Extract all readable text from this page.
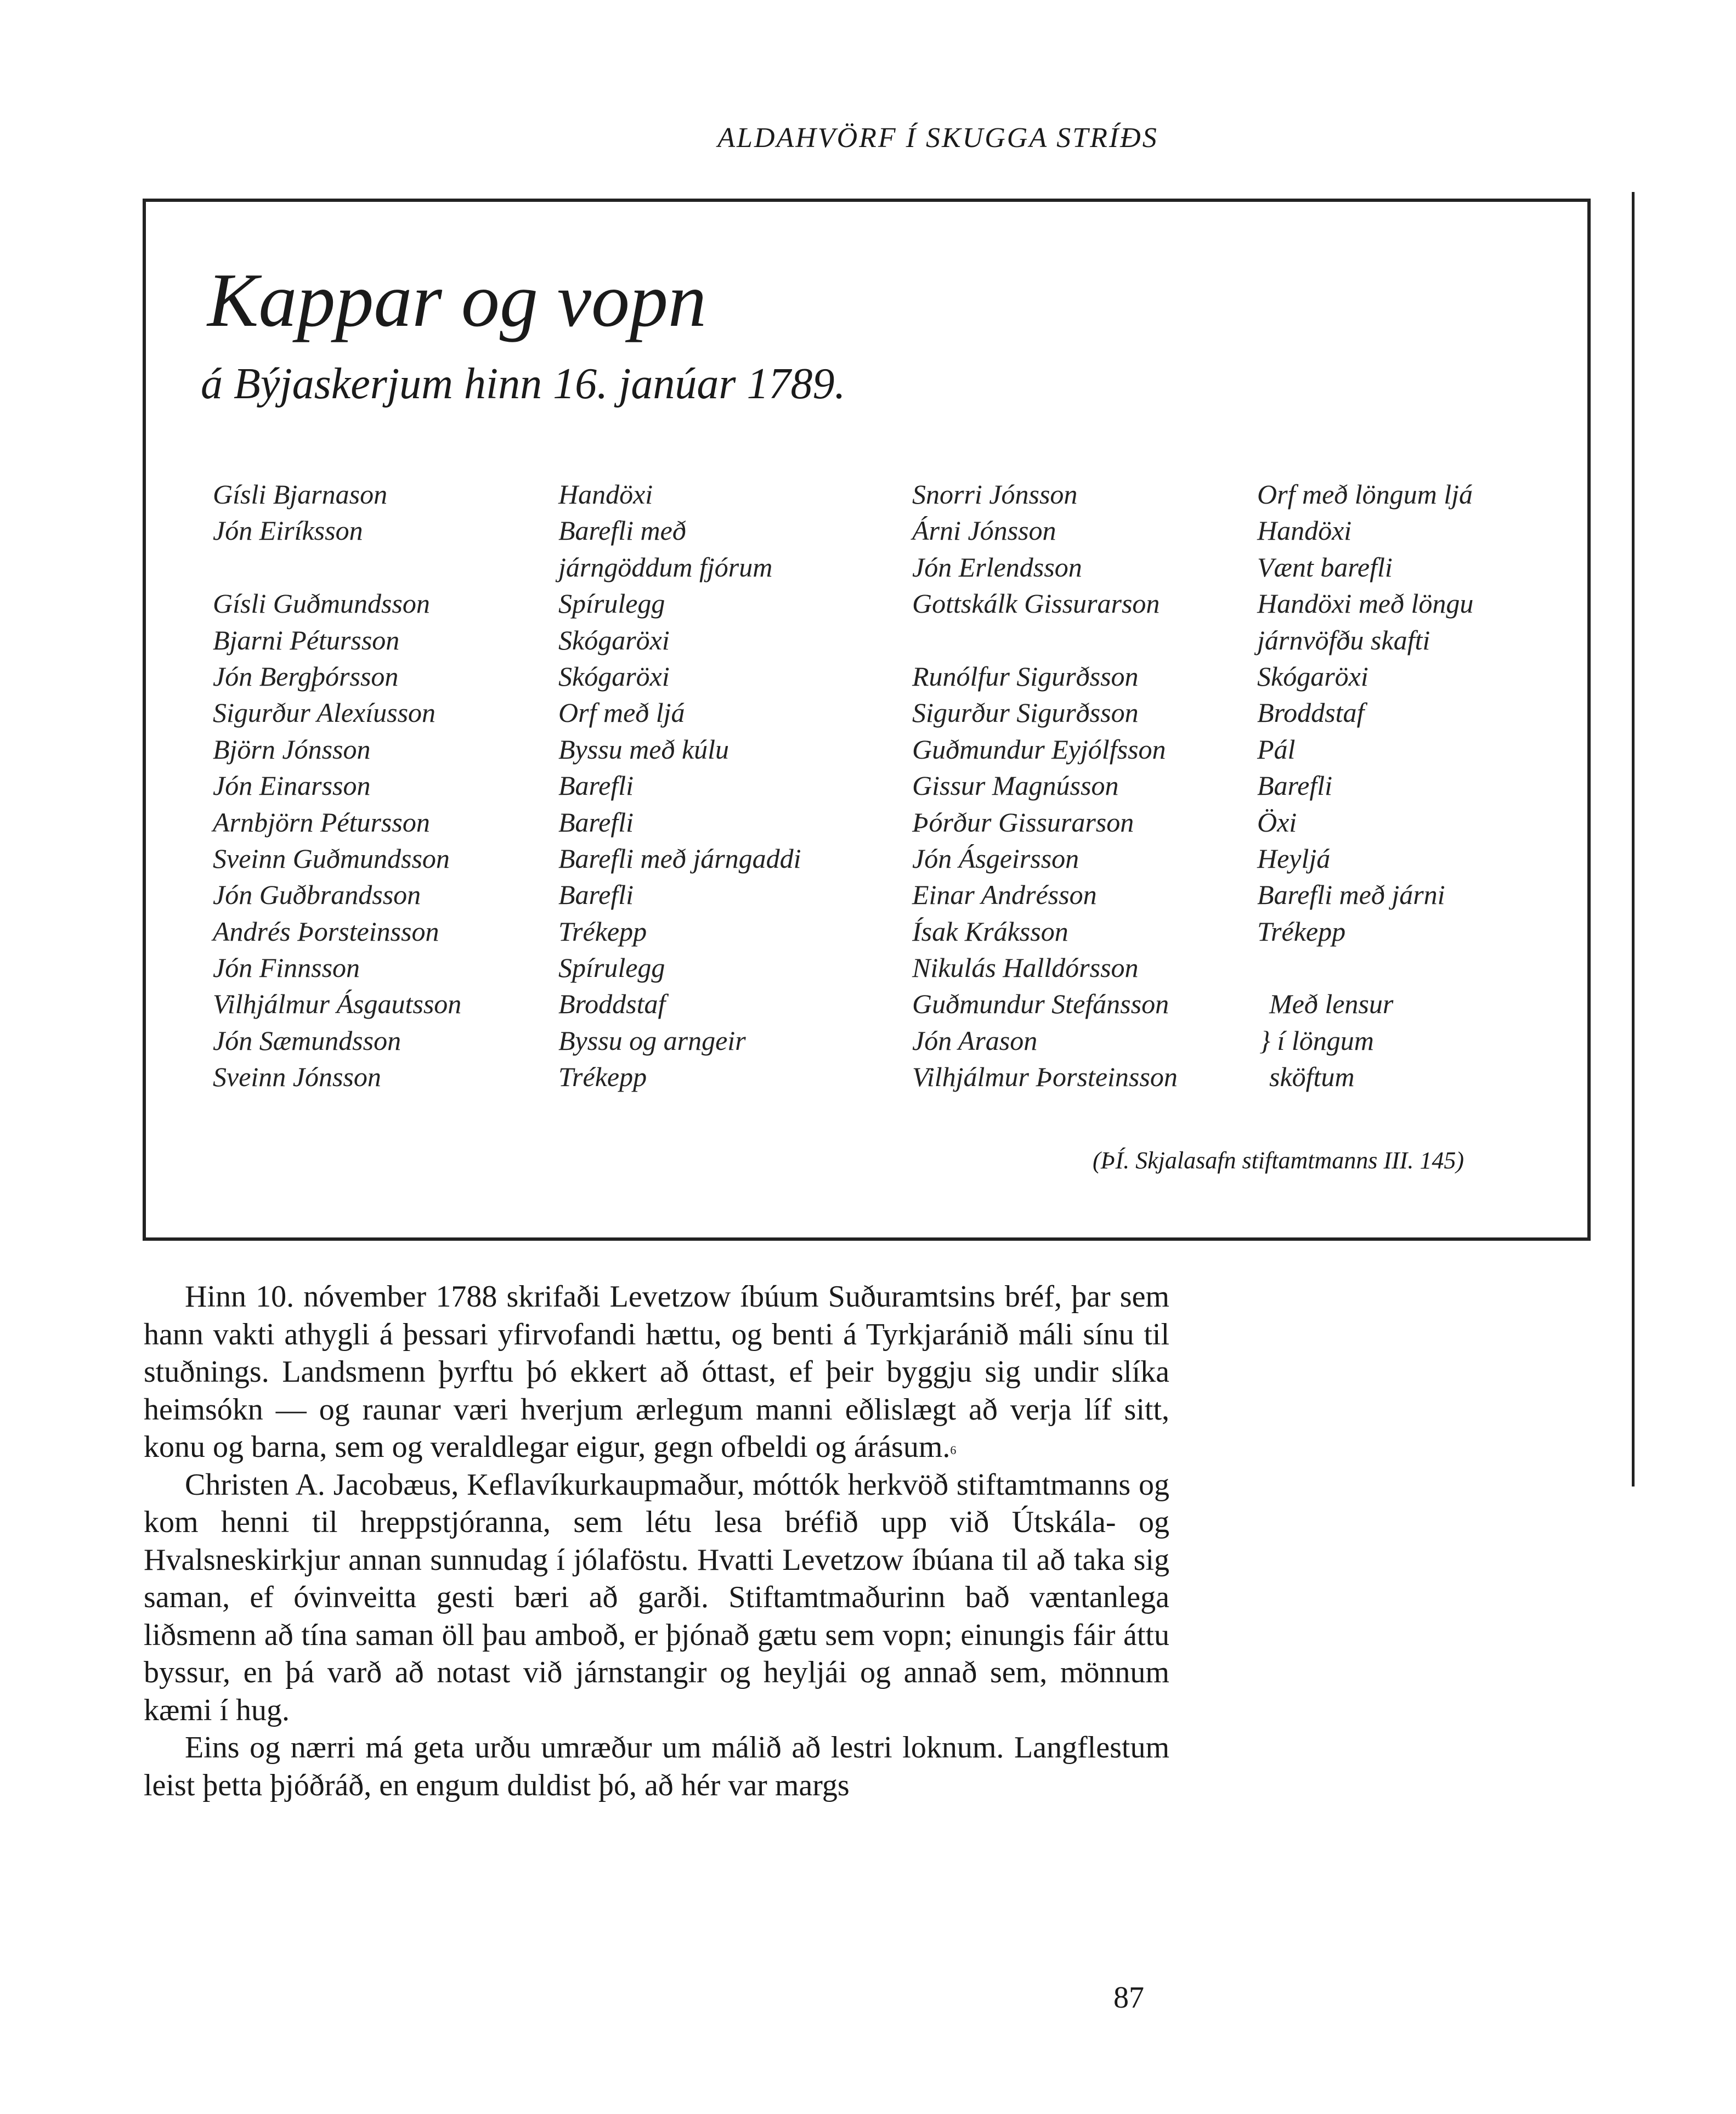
ALDAHVÖRF Í SKUGGA STRÍÐS
Kappar og vopn
á Býjaskerjum hinn 16. janúar 1789.
Gísli Bjarnason
Jón Eiríksson
Gísli Guðmundsson
Bjarni Pétursson
Jón Bergþórsson
Sigurður Alexíusson
Björn Jónsson
Jón Einarsson
Arnbjörn Pétursson
Sveinn Guðmundsson
Jón Guðbrandsson
Andrés Þorsteinsson
Jón Finnsson
Vilhjálmur Ásgautsson
Jón Sæmundsson
Sveinn Jónsson
Handöxi
Barefli með
járngöddum fjórum
Spírulegg
Skógaröxi
Skógaröxi
Orf með ljá
Byssu með kúlu
Barefli
Barefli
Barefli með járngaddi
Barefli
Trékepp
Spírulegg
Broddstaf
Byssu og arngeir
Trékepp
Snorri Jónsson
Árni Jónsson
Jón Erlendsson
Gottskálk Gissurarson
Runólfur Sigurðsson
Sigurður Sigurðsson
Guðmundur Eyjólfsson
Gissur Magnússon
Þórður Gissurarson
Jón Ásgeirsson
Einar Andrésson
Ísak Kráksson
Nikulás Halldórsson
Guðmundur Stefánsson
Jón Arason
Vilhjálmur Þorsteinsson
Orf með löngum ljá
Handöxi
Vænt barefli
Handöxi með löngu
járnvöfðu skafti
Skógaröxi
Broddstaf
Pál
Barefli
Öxi
Heyljá
Barefli með járni
Trékepp
Með lensur
} í löngum
sköftum
(ÞÍ. Skjalasafn stiftamtmanns III. 145)

Hinn 10. nóvember 1788 skrifaði Levetzow íbúum Suðuramtsins bréf, þar sem hann vakti athygli á þessari yfirvofandi hættu, og benti á Tyrkjaránið máli sínu til stuðnings. Landsmenn þyrftu þó ekkert að óttast, ef þeir byggju sig undir slíka heimsókn — og raunar væri hverjum ærlegum manni eðlislægt að verja líf sitt, konu og barna, sem og veraldlegar eigur, gegn ofbeldi og árásum.$^6$

Christen A. Jacobæus, Keflavíkurkaupmaður, móttók herkvöð stiftamtmanns og kom henni til hreppstjóranna, sem létu lesa bréfið upp við Útskála- og Hvalsneskirkjur annan sunnudag í jólaföstu. Hvatti Levetzow íbúana til að taka sig saman, ef óvinveitta gesti bæri að garði. Stiftamtmaðurinn bað væntanlega liðsmenn að tína saman öll þau amboð, er þjónað gætu sem vopn; einungis fáir áttu byssur, en þá varð að notast við járnstangir og heyljái og annað sem, mönnum kæmi í hug.

Eins og nærri má geta urðu umræður um málið að lestri loknum. Langflestum leist þetta þjóðráð, en engum duldist þó, að hér var margs

87
